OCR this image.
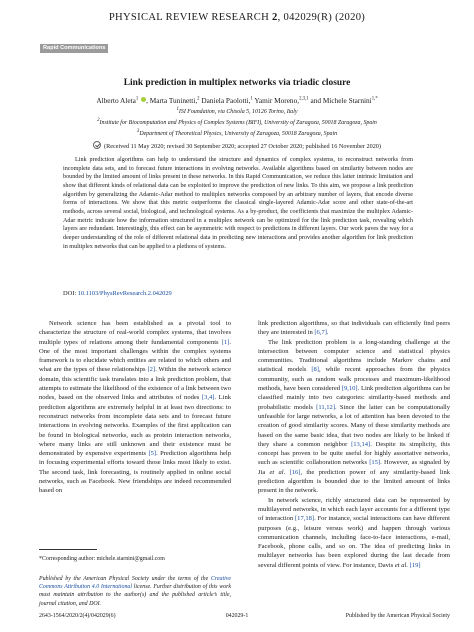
PHYSICAL REVIEW RESEARCH 2, 042029(R) (2020)
Rapid Communications
Link prediction in multiplex networks via triadic closure
Alberto Aleta$^1$ , Marta Tuninetti,$^2$ Daniela Paolotti,$^1$ Yamir Moreno,$^{2,3,1}$ and Michele Starnini$^{1,*}$
$^1$ISI Foundation, via Chisola 5, 10126 Torino, Italy
$^2$Institute for Biocomputation and Physics of Complex Systems (BIFI), University of Zaragoza, 50018 Zaragoza, Spain
$^3$Department of Theoretical Physics, University of Zaragoza, 50018 Zaragoza, Spain
(Received 11 May 2020; revised 30 September 2020; accepted 27 October 2020; published 16 November 2020)

Link prediction algorithms can help to understand the structure and dynamics of complex systems, to reconstruct networks from incomplete data sets, and to forecast future interactions in evolving networks. Available algorithms based on similarity between nodes are bounded by the limited amount of links present in these networks. In this Rapid Communication, we reduce this latter intrinsic limitation and show that different kinds of relational data can be exploited to improve the prediction of new links. To this aim, we propose a link prediction algorithm by generalizing the Adamic-Adar method to multiplex networks composed by an arbitrary number of layers, that encode diverse forms of interactions. We show that this metric outperforms the classical single-layered Adamic-Adar score and other state-of-the-art methods, across several social, biological, and technological systems. As a by-product, the coefficients that maximize the multiplex Adamic-Adar metric indicate how the information structured in a multiplex network can be optimized for the link prediction task, revealing which layers are redundant. Interestingly, this effect can be asymmetric with respect to predictions in different layers. Our work paves the way for a deeper understanding of the role of different relational data in predicting new interactions and provides another algorithm for link prediction in multiplex networks that can be applied to a plethora of systems.

DOI: 10.1103/PhysRevResearch.2.042029

Network science has been established as a pivotal tool to characterize the structure of real-world complex systems, that involves multiple types of relations among their fundamental components [1]. One of the most important challenges within the complex systems framework is to elucidate which entities are related to which others and what are the types of these relationships [2]. Within the network science domain, this scientific task translates into a link prediction problem, that attempts to estimate the likelihood of the existence of a link between two nodes, based on the observed links and attributes of nodes [3,4]. Link prediction algorithms are extremely helpful in at least two directions: to reconstruct networks from incomplete data sets and to forecast future interactions in evolving networks. Examples of the first application can be found in biological networks, such as protein interaction networks, where many links are still unknown and their existence must be demonstrated by expensive experiments [5]. Prediction algorithms help in focusing experimental efforts toward those links most likely to exist. The second task, link forecasting, is routinely applied in online social networks, such as Facebook. New friendships are indeed recommended based on

link prediction algorithms, so that individuals can efficiently find peers they are interested in [6,7].

The link prediction problem is a long-standing challenge at the intersection between computer science and statistical physics communities. Traditional algorithms include Markov chains and statistical models [8], while recent approaches from the physics community, such as random walk processes and maximum-likelihood methods, have been considered [9,10]. Link prediction algorithms can be classified mainly into two categories: similarity-based methods and probabilistic models [11,12]. Since the latter can be computationally unfeasible for large networks, a lot of attention has been devoted to the creation of good similarity scores. Many of these similarity methods are based on the same basic idea, that two nodes are likely to be linked if they share a common neighbor [13,14]. Despite its simplicity, this concept has proven to be quite useful for highly assortative networks, such as scientific collaboration networks [15]. However, as signaled by Jia et al. [16], the prediction power of any similarity-based link prediction algorithm is bounded due to the limited amount of links present in the network.

In network science, richly structured data can be represented by multilayered networks, in which each layer accounts for a different type of interaction [17,18]. For instance, social interactions can have different purposes (e.g., leisure versus work) and happen through various communication channels, including face-to-face interactions, e-mail, Facebook, phone calls, and so on. The idea of predicting links in multilayer networks has been explored during the last decade from several different points of view. For instance, Davis et al. [19]

*Corresponding author: michele.starnini@gmail.com
Published by the American Physical Society under the terms of the Creative Commons Attribution 4.0 International license. Further distribution of this work must maintain attribution to the author(s) and the published article’s title, journal citation, and DOI.
2643-1564/2020/2(4)/042029(6)	042029-1	Published by the American Physical Society
